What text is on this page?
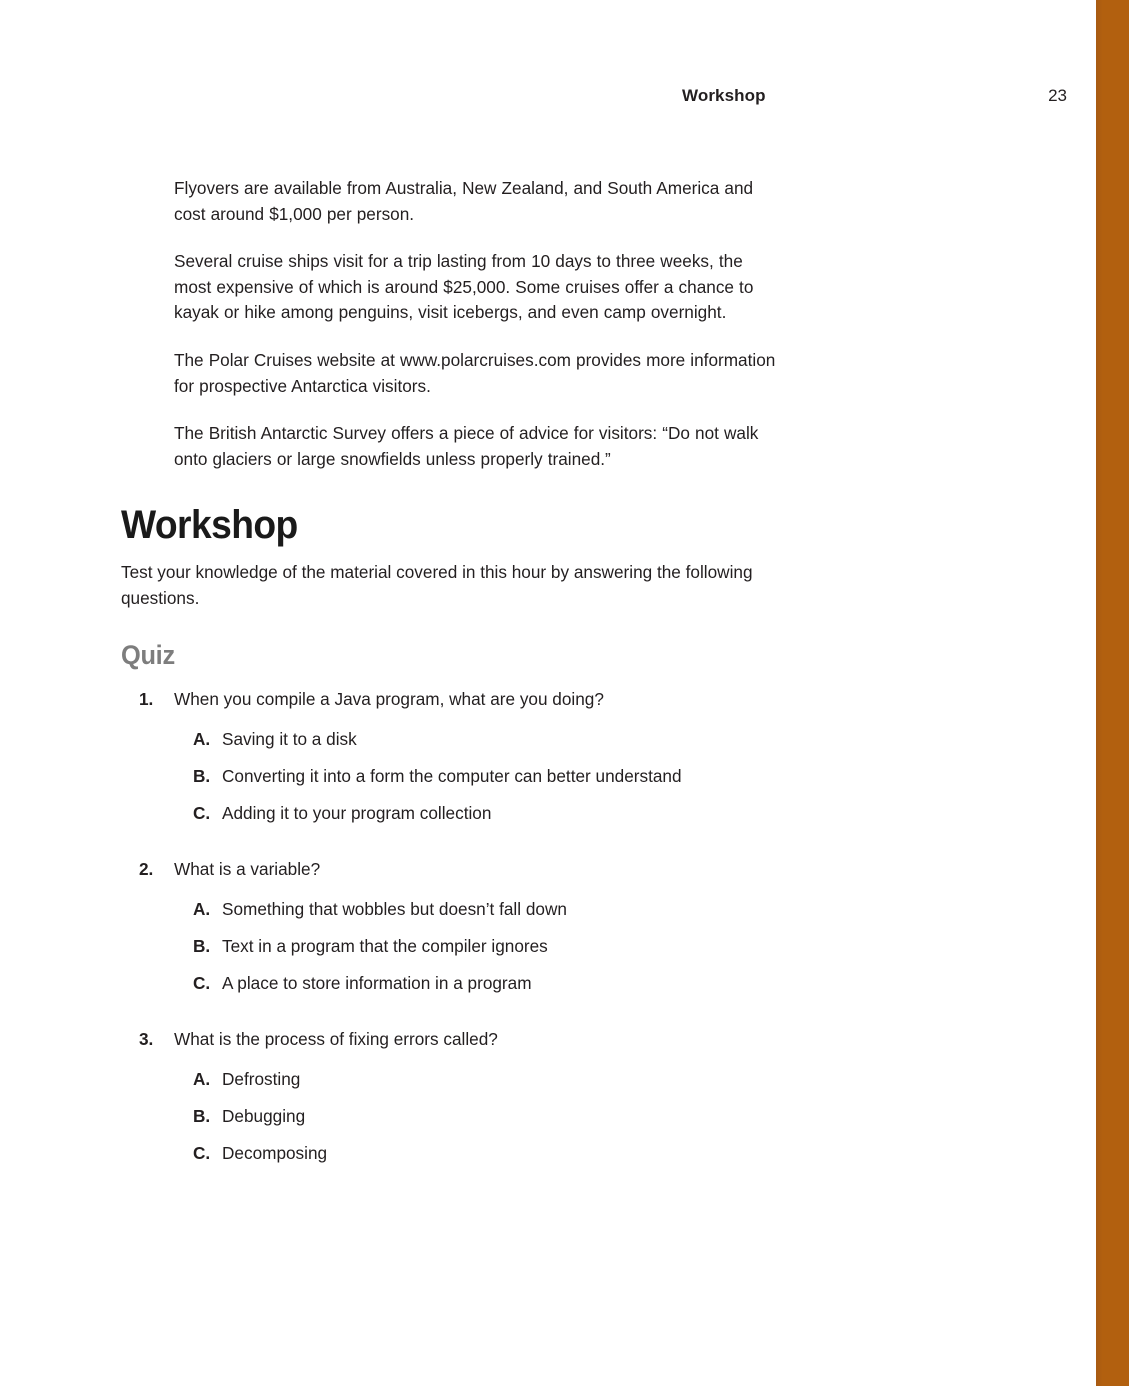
Workshop	23

Flyovers are available from Australia, New Zealand, and South America and cost around $1,000 per person.

Several cruise ships visit for a trip lasting from 10 days to three weeks, the most expensive of which is around $25,000. Some cruises offer a chance to kayak or hike among penguins, visit icebergs, and even camp overnight.

The Polar Cruises website at www.polarcruises.com provides more information for prospective Antarctica visitors.

The British Antarctic Survey offers a piece of advice for visitors: “Do not walk onto glaciers or large snowfields unless properly trained.”

Workshop

Test your knowledge of the material covered in this hour by answering the following questions.

Quiz
1.	When you compile a Java program, what are you doing?
A. Saving it to a disk
B. Converting it into a form the computer can better understand
C. Adding it to your program collection
2.	What is a variable?
A. Something that wobbles but doesn’t fall down
B. Text in a program that the compiler ignores
C. A place to store information in a program
3.	What is the process of fixing errors called?
A. Defrosting
B. Debugging
C. Decomposing
